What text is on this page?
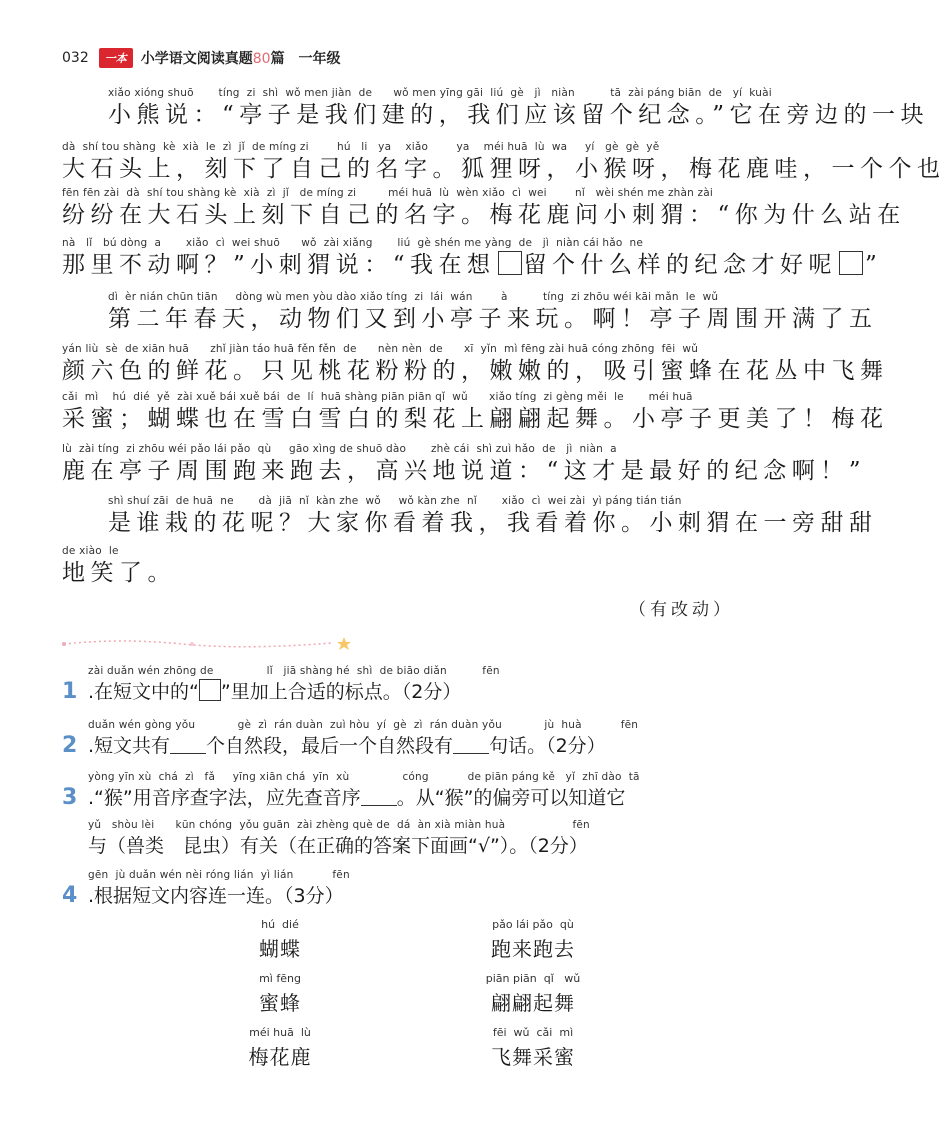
032	一本	小学语文阅读真题80篇　一年级
xiǎo xióng shuō       tíng  zi  shì  wǒ men jiàn  de      wǒ men yīng gāi  liú  gè   jì   niàn          tā  zài páng biān  de   yí  kuài
小熊说：“亭子是我们建的，我们应该留个纪念。”它在旁边的一块
dà  shí tou shàng  kè  xià  le  zì  jǐ  de míng zi        hú   li   ya    xiǎo        ya    méi huā  lù  wa     yí   gè  gè  yě
大石头上，刻下了自己的名字。狐狸呀，小猴呀，梅花鹿哇，一个个也
fēn fēn zài  dà  shí tou shàng kè  xià  zì  jǐ   de míng zi         méi huā  lù  wèn xiǎo  cì  wei        nǐ   wèi shén me zhàn zài
纷纷在大石头上刻下自己的名字。梅花鹿问小刺猬：“你为什么站在
nà   lǐ   bú dòng  a       xiǎo  cì  wei shuō      wǒ  zài xiǎng       liú  gè shén me yàng  de   jì  niàn cái hǎo  ne
那里不动啊？”小刺猬说：“我在想 留个什么样的纪念才好呢 ”
dì  èr nián chūn tiān     dòng wù men yòu dào xiǎo tíng  zi  lái  wán        à          tíng  zi zhōu wéi kāi mǎn  le  wǔ
第二年春天，动物们又到小亭子来玩。啊！亭子周围开满了五
yán liù  sè  de xiān huā      zhǐ jiàn táo huā fěn fěn  de      nèn nèn  de      xī  yǐn  mì fēng zài huā cóng zhōng  fēi  wǔ
颜六色的鲜花。只见桃花粉粉的，嫩嫩的，吸引蜜蜂在花丛中飞舞
cǎi  mì    hú  dié  yě  zài xuě bái xuě bái  de  lí  huā shàng piān piān qǐ  wǔ      xiǎo tíng  zi gèng měi  le       méi huā
采蜜；蝴蝶也在雪白雪白的梨花上翩翩起舞。小亭子更美了！梅花
lù  zài tíng  zi zhōu wéi pǎo lái pǎo  qù     gāo xìng de shuō dào       zhè cái  shì zuì hǎo  de   jì  niàn  a
鹿在亭子周围跑来跑去，高兴地说道：“这才是最好的纪念啊！”
shì shuí zāi  de huā  ne       dà  jiā  nǐ  kàn zhe  wǒ     wǒ kàn zhe  nǐ       xiǎo  cì  wei zài  yì páng tián tián
是谁栽的花呢？大家你看着我，我看着你。小刺猬在一旁甜甜
de xiào  le
地笑了。
（有改动）
zài duǎn wén zhōng de               lǐ   jiā shàng hé  shì  de biāo diǎn          fēn
1 .在短文中的“ ”里加上合适的标点。（2分）
duǎn wén gòng yǒu            gè  zì  rán duàn  zuì hòu  yí  gè  zì  rán duàn yǒu            jù  huà           fēn
2 .短文共有 个自然段，最后一个自然段有 句话。（2分）
yòng yīn xù  chá  zì   fǎ     yīng xiān chá  yīn  xù               cóng           de piān páng kě   yǐ  zhī dào  tā
3 .“猴”用音序查字法，应先查音序 。从“猴”的偏旁可以知道它
yǔ   shòu lèi      kūn chóng  yǒu guān  zài zhèng què de  dá  àn xià miàn huà                   fēn
与（兽类　昆虫）有关（在正确的答案下面画“√”）。（2分）
gēn  jù duǎn wén nèi róng lián  yì lián           fēn
4 .根据短文内容连一连。（3分）
hú  dié
蝴蝶
mì fēng
蜜蜂
méi huā  lù
梅花鹿
pǎo lái pǎo  qù
跑来跑去
piān piān  qǐ   wǔ
翩翩起舞
fēi  wǔ  cǎi  mì
飞舞采蜜
